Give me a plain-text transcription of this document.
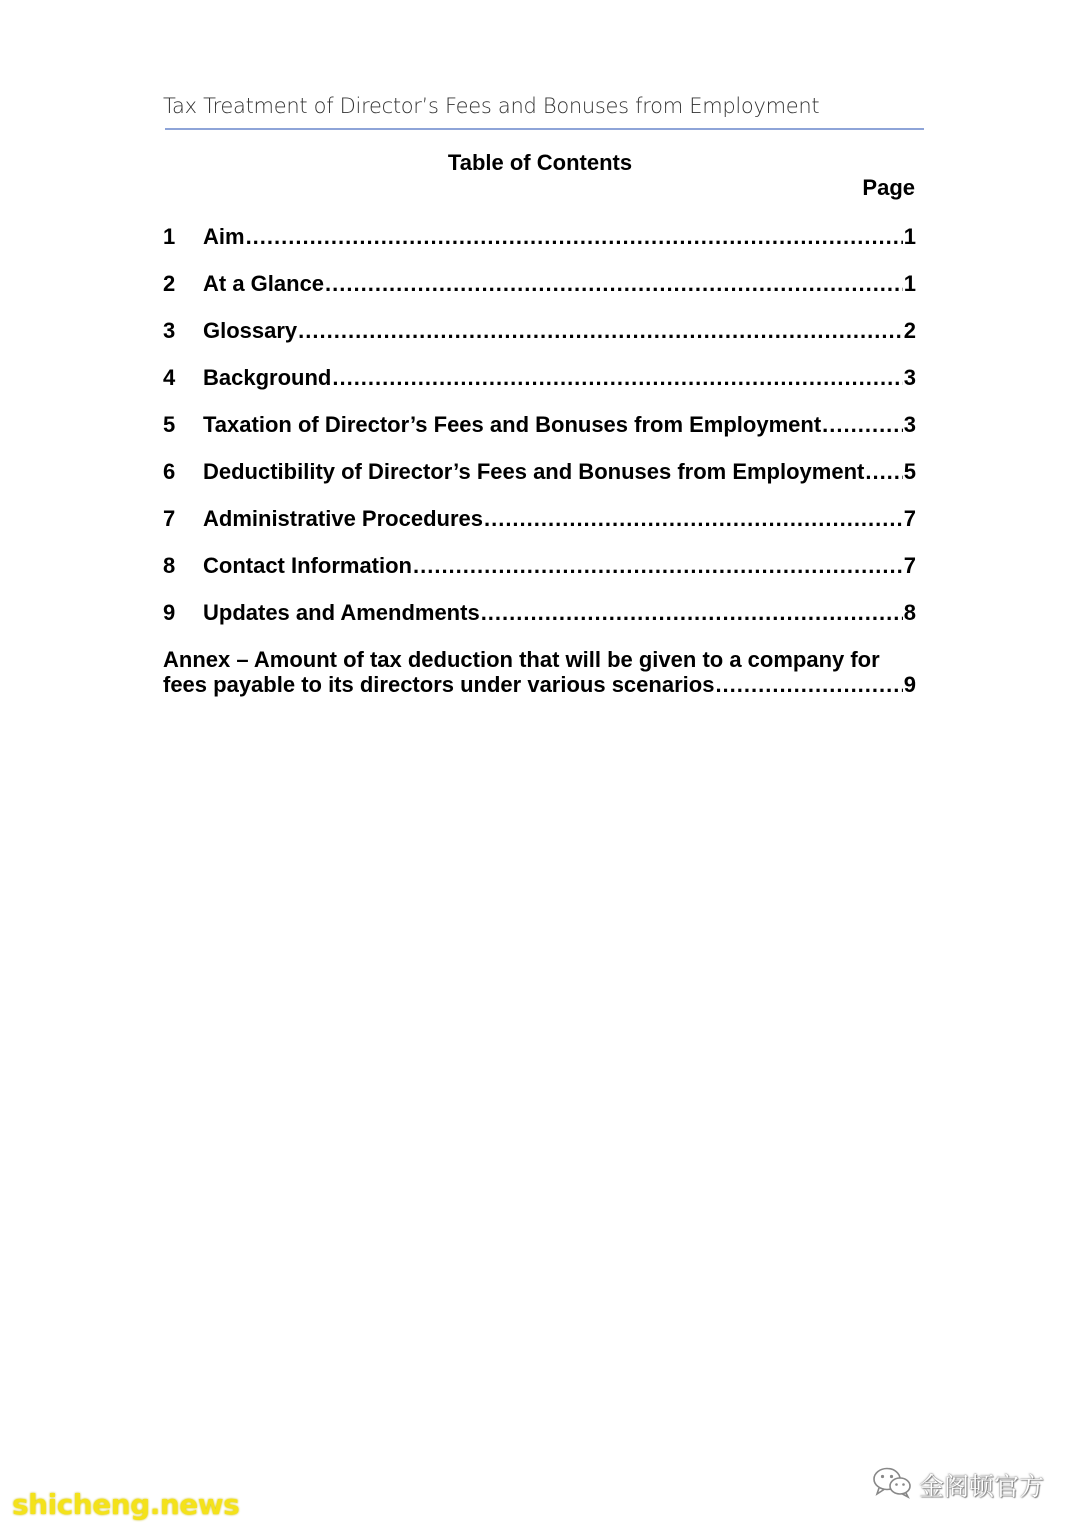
Tax Treatment of Director’s Fees and Bonuses from Employment
Table of Contents
Page
1	Aim .....	1
2	At a Glance .....	1
3	Glossary .....	2
4	Background .....	3
5	Taxation of Director’s Fees and Bonuses from Employment .....	3
6	Deductibility of Director’s Fees and Bonuses from Employment ..... 5
7	Administrative Procedures .....	7
8	Contact Information .....	7
9	Updates and Amendments .....	8
Annex – Amount of tax deduction that will be given to a company for
fees payable to its directors under various scenarios .....	9
金阁顿官方
shicheng.news
